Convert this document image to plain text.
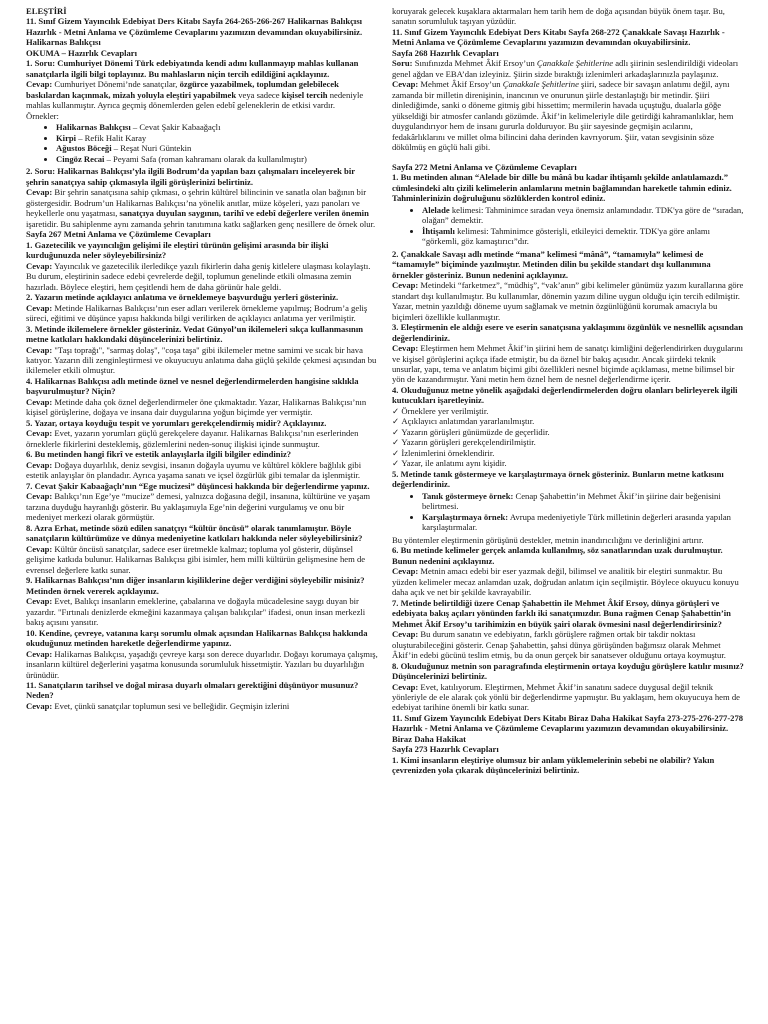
ELEŞTİRİ

11. Sınıf Gizem Yayıncılık Edebiyat Ders Kitabı Sayfa 264-265-266-267 Halikarnas Balıkçısı Hazırlık - Metni Anlama ve Çözümleme Cevaplarını yazımızın devamından okuyabilirsiniz.

Halikarnas Balıkçısı

OKUMA – Hazırlık Cevapları

1. Soru: Cumhuriyet Dönemi Türk edebiyatında kendi adını kullanmayıp mahlas kullanan sanatçılarla ilgili bilgi toplayınız. Bu mahlasların niçin tercih edildiğini açıklayınız.

Cevap: Cumhuriyet Dönemi’nde sanatçılar, özgürce yazabilmek, toplumdan gelebilecek baskılardan kaçınmak, mizah yoluyla eleştiri yapabilmek veya sadece kişisel tercih nedeniyle mahlas kullanmıştır. Ayrıca geçmiş dönemlerden gelen edebî geleneklerin de etkisi vardır.

Örnekler:

• Halikarnas Balıkçısı – Cevat Şakir Kabaağaçlı
• Kirpi – Refik Halit Karay
• Ağustos Böceği – Reşat Nuri Güntekin
• Cingöz Recai – Peyami Safa (roman kahramanı olarak da kullanılmıştır)

2. Soru: Halikarnas Balıkçısı’yla ilgili Bodrum’da yapılan bazı çalışmaları inceleyerek bir şehrin sanatçıya sahip çıkmasıyla ilgili görüşlerinizi belirtiniz.

Cevap: Bir şehrin sanatçısına sahip çıkması, o şehrin kültürel bilincinin ve sanatla olan bağının bir göstergesidir. Bodrum’un Halikarnas Balıkçısı’na yönelik anıtlar, müze köşeleri, yazı panoları ve heykellerle onu yaşatması, sanatçıya duyulan saygının, tarihî ve edebî değerlere verilen önemin işaretidir. Bu sahiplenme aynı zamanda şehrin tanıtımına katkı sağlarken genç nesillere de örnek olur.

Sayfa 267 Metni Anlama ve Çözümleme Cevapları

1. Gazetecilik ve yayıncılığın gelişimi ile eleştiri türünün gelişimi arasında bir ilişki kurduğunuzda neler söyleyebilirsiniz?

Cevap: Yayıncılık ve gazetecilik ilerledikçe yazılı fikirlerin daha geniş kitlelere ulaşması kolaylaştı. Bu durum, eleştirinin sadece edebi çevrelerde değil, toplumun genelinde etkili olmasına zemin hazırladı. Böylece eleştiri, hem çeşitlendi hem de daha görünür hale geldi.

2. Yazarın metinde açıklayıcı anlatıma ve örneklemeye başvurduğu yerleri gösteriniz.

Cevap: Metinde Halikarnas Balıkçısı’nın eser adları verilerek örnekleme yapılmış; Bodrum’a geliş süreci, eğitimi ve düşünce yapısı hakkında bilgi verilirken de açıklayıcı anlatıma yer verilmiştir.

3. Metinde ikilemelere örnekler gösteriniz. Vedat Günyol’un ikilemeleri sıkça kullanmasının metne katkıları hakkındaki düşüncelerinizi belirtiniz.

Cevap: "Taşı toprağı", "sarmaş dolaş", "coşa taşa" gibi ikilemeler metne samimi ve sıcak bir hava katıyor. Yazarın dili zenginleştirmesi ve okuyucuyu anlatıma daha güçlü şekilde çekmesi açısından bu ikilemeler etkili olmuştur.

4. Halikarnas Balıkçısı adlı metinde öznel ve nesnel değerlendirmelerden hangisine sıklıkla başvurulmuştur? Niçin?

Cevap: Metinde daha çok öznel değerlendirmeler öne çıkmaktadır. Yazar, Halikarnas Balıkçısı’nın kişisel görüşlerine, doğaya ve insana dair duygularına yoğun biçimde yer vermiştir.

5. Yazar, ortaya koyduğu tespit ve yorumları gerekçelendirmiş midir? Açıklayınız.

Cevap: Evet, yazarın yorumları güçlü gerekçelere dayanır. Halikarnas Balıkçısı’nın eserlerinden örneklerle fikirlerini desteklemiş, gözlemlerini neden-sonuç ilişkisi içinde sunmuştur.

6. Bu metinden hangi fikrî ve estetik anlayışlarla ilgili bilgiler edindiniz?

Cevap: Doğaya duyarlılık, deniz sevgisi, insanın doğayla uyumu ve kültürel köklere bağlılık gibi estetik anlayışlar ön plandadır. Ayrıca yaşama sanatı ve içsel özgürlük gibi temalar da işlenmiştir.

7. Cevat Şakir Kabaağaçlı’nın “Ege mucizesi” düşüncesi hakkında bir değerlendirme yapınız.

Cevap: Balıkçı’nın Ege’ye “mucize” demesi, yalnızca doğasına değil, insanına, kültürüne ve yaşam tarzına duyduğu hayranlığı gösterir. Bu yaklaşımıyla Ege’nin değerini vurgulamış ve onu bir medeniyet merkezi olarak görmüştür.

8. Azra Erhat, metinde sözü edilen sanatçıyı “kültür öncüsü” olarak tanımlamıştır. Böyle sanatçıların kültürümüze ve dünya medeniyetine katkıları hakkında neler söyleyebilirsiniz?

Cevap: Kültür öncüsü sanatçılar, sadece eser üretmekle kalmaz; topluma yol gösterir, düşünsel gelişime katkıda bulunur. Halikarnas Balıkçısı gibi isimler, hem milli kültürün gelişmesine hem de evrensel değerlere katkı sunar.

9. Halikarnas Balıkçısı’nın diğer insanların kişiliklerine değer verdiğini söyleyebilir misiniz? Metinden örnek vererek açıklayınız.

Cevap: Evet, Balıkçı insanların emeklerine, çabalarına ve doğayla mücadelesine saygı duyan bir yazardır. "Fırtınalı denizlerde ekmeğini kazanmaya çalışan balıkçılar" ifadesi, onun insan merkezli bakış açısını yansıtır.

10. Kendine, çevreye, vatanına karşı sorumlu olmak açısından Halikarnas Balıkçısı hakkında okuduğunuz metinden hareketle değerlendirme yapınız.

Cevap: Halikarnas Balıkçısı, yaşadığı çevreye karşı son derece duyarlıdır. Doğayı korumaya çalışmış, insanların kültürel değerlerini yaşatma konusunda sorumluluk hissetmiştir. Yazıları bu duyarlılığın ürünüdür.

11. Sanatçıların tarihsel ve doğal mirasa duyarlı olmaları gerektiğini düşünüyor musunuz? Neden?

Cevap: Evet, çünkü sanatçılar toplumun sesi ve belleğidir. Geçmişin izlerini

koruyarak gelecek kuşaklara aktarmaları hem tarih hem de doğa açısından büyük önem taşır. Bu, sanatın sorumluluk taşıyan yüzüdür.

11. Sınıf Gizem Yayıncılık Edebiyat Ders Kitabı Sayfa 268-272 Çanakkale Savaşı Hazırlık - Metni Anlama ve Çözümleme Cevaplarını yazımızın devamından okuyabilirsiniz.

Sayfa 268 Hazırlık Cevapları

Soru: Sınıfınızda Mehmet Âkif Ersoy’un Çanakkale Şehitlerine adlı şiirinin seslendirildiği videoları genel ağdan ve EBA’dan izleyiniz. Şiirin sizde bıraktığı izlenimleri arkadaşlarınızla paylaşınız.

Cevap: Mehmet Âkif Ersoy’un Çanakkale Şehitlerine şiiri, sadece bir savaşın anlatımı değil, aynı zamanda bir milletin direnişinin, inancının ve onurunun şiirle destanlaştığı bir metindir. Şiiri dinlediğimde, sanki o döneme gitmiş gibi hissettim; mermilerin havada uçuştuğu, dualarla göğe yükseldiği bir atmosfer canlandı gözümde. Âkif’in kelimeleriyle dile getirdiği kahramanlıklar, hem duygulandırıyor hem de insanı gururla dolduruyor. Bu şiir sayesinde geçmişin acılarını, fedakârlıklarını ve millet olma bilincini daha derinden kavrıyorum. Şiir, vatan sevgisinin söze dökülmüş en güçlü hali gibi.

Sayfa 272 Metni Anlama ve Çözümleme Cevapları

1. Bu metinden alınan “Alelade bir dille bu mânâ bu kadar ihtişamlı şekilde anlatılamazdı.” cümlesindeki altı çizili kelimelerin anlamlarını metnin bağlamından hareketle tahmin ediniz. Tahminlerinizin doğruluğunu sözlüklerden kontrol ediniz.

• Alelade kelimesi: Tahminimce sıradan veya önemsiz anlamındadır. TDK'ya göre de “sıradan, olağan” demektir.
• İhtişamlı kelimesi: Tahminimce gösterişli, etkileyici demektir. TDK'ya göre anlamı “görkemli, göz kamaştırıcı”dır.

2. Çanakkale Savaşı adlı metinde “mana” kelimesi “mânâ”, “tamamıyla” kelimesi de “tamamıyle” biçiminde yazılmıştır. Metinden dilin bu şekilde standart dışı kullanımına örnekler gösteriniz. Bunun nedenini açıklayınız.

Cevap: Metindeki “farketmez”, “müdhiş”, “vak’anın” gibi kelimeler günümüz yazım kurallarına göre standart dışı kullanılmıştır. Bu kullanımlar, dönemin yazım diline uygun olduğu için tercih edilmiştir. Yazar, metnin yazıldığı döneme uyum sağlamak ve metnin özgünlüğünü korumak amacıyla bu biçimleri özellikle kullanmıştır.

3. Eleştirmenin ele aldığı esere ve eserin sanatçısına yaklaşımını özgünlük ve nesnellik açısından değerlendiriniz.

Cevap: Eleştirmen hem Mehmet Âkif’in şiirini hem de sanatçı kimliğini değerlendirirken duygularını ve kişisel görüşlerini açıkça ifade etmiştir, bu da öznel bir bakış açısıdır. Ancak şiirdeki teknik unsurlar, yapı, tema ve anlatım biçimi gibi özellikleri nesnel biçimde açıklaması, metne bilimsel bir yön de kazandırmıştır. Yani metin hem öznel hem de nesnel değerlendirme içerir.

4. Okuduğunuz metne yönelik aşağıdaki değerlendirmelerden doğru olanları belirleyerek ilgili kutucukları işaretleyiniz.

✓ Örneklere yer verilmiştir.
✓ Açıklayıcı anlatımdan yararlanılmıştır.
✓ Yazarın görüşleri günümüzde de geçerlidir.
✓ Yazarın görüşleri gerekçelendirilmiştir.
✓ İzlenimlerini örneklendirir.
✓ Yazar, ile anlatımı aynı kişidir.

5. Metinde tanık göstermeye ve karşılaştırmaya örnek gösteriniz. Bunların metne katkısını değerlendiriniz.

• Tanık göstermeye örnek: Cenap Şahabettin’in Mehmet Âkif’in şiirine dair beğenisini belirtmesi.
• Karşılaştırmaya örnek: Avrupa medeniyetiyle Türk milletinin değerleri arasında yapılan karşılaştırmalar.

Bu yöntemler eleştirmenin görüşünü destekler, metnin inandırıcılığını ve derinliğini artırır.

6. Bu metinde kelimeler gerçek anlamda kullanılmış, söz sanatlarından uzak durulmuştur. Bunun nedenini açıklayınız.

Cevap: Metnin amacı edebi bir eser yazmak değil, bilimsel ve analitik bir eleştiri sunmaktır. Bu yüzden kelimeler mecaz anlamdan uzak, doğrudan anlatım için seçilmiştir. Böylece okuyucu konuyu daha açık ve net bir şekilde kavrayabilir.

7. Metinde belirtildiği üzere Cenap Şahabettin ile Mehmet Âkif Ersoy, dünya görüşleri ve edebiyata bakış açıları yönünden farklı iki sanatçımızdır. Buna rağmen Cenap Şahabettin’in Mehmet Âkif Ersoy’u tarihimizin en büyük şairi olarak övmesini nasıl değerlendirirsiniz?

Cevap: Bu durum sanatın ve edebiyatın, farklı görüşlere rağmen ortak bir takdir noktası oluşturabileceğini gösterir. Cenap Şahabettin, şahsi dünya görüşünden bağımsız olarak Mehmet Âkif’in edebi gücünü teslim etmiş, bu da onun gerçek bir sanatsever olduğunu ortaya koymuştur.

8. Okuduğunuz metnin son paragrafında eleştirmenin ortaya koyduğu görüşlere katılır mısınız? Düşüncelerinizi belirtiniz.

Cevap: Evet, katılıyorum. Eleştirmen, Mehmet Âkif’in sanatını sadece duygusal değil teknik yönleriyle de ele alarak çok yönlü bir değerlendirme yapmıştır. Bu yaklaşım, hem okuyucuya hem de edebiyat tarihine önemli bir katkı sunar.

11. Sınıf Gizem Yayıncılık Edebiyat Ders Kitabı Biraz Daha Hakikat Sayfa 273-275-276-277-278 Hazırlık - Metni Anlama ve Çözümleme Cevaplarını yazımızın devamından okuyabilirsiniz.

Biraz Daha Hakikat

Sayfa 273 Hazırlık Cevapları

1. Kimi insanların eleştiriye olumsuz bir anlam yüklemelerinin sebebi ne olabilir? Yakın çevrenizden yola çıkarak düşüncelerinizi belirtiniz.
